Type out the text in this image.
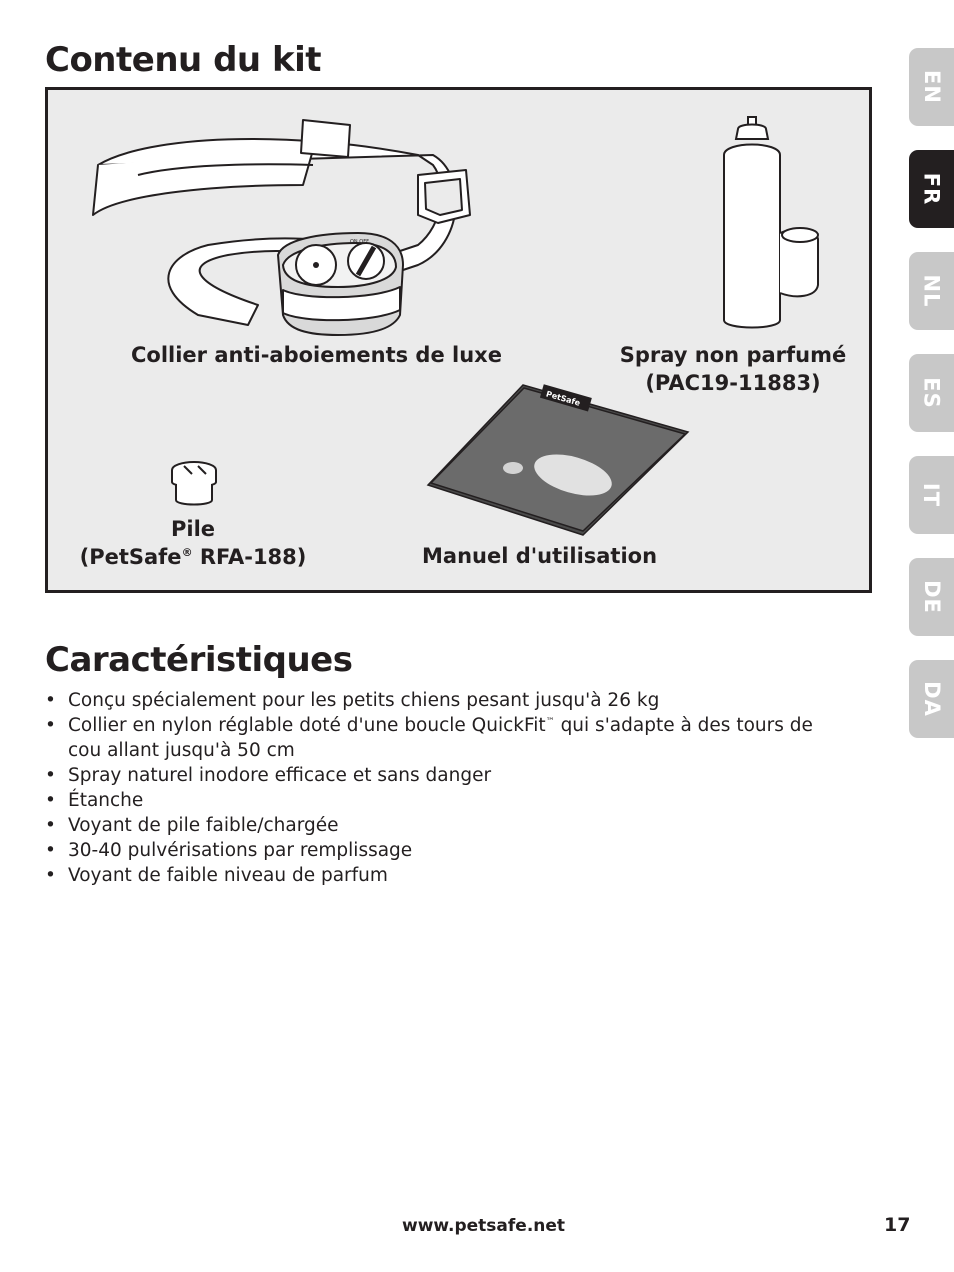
Contenu du kit
ON OFF
Collier anti-aboiements de luxe	Spray non parfumé
(PAC19-11883)
Pile
(PetSafe® RFA-188)
PetSafe
Manuel d'utilisation
Caractéristiques
• Conçu spécialement pour les petits chiens pesant jusqu'à 26 kg
• Collier en nylon réglable doté d'une boucle QuickFit™ qui s'adapte à des tours de cou allant jusqu'à 50 cm
• Spray naturel inodore efficace et sans danger
• Étanche
• Voyant de pile faible/chargée
• 30-40 pulvérisations par remplissage
• Voyant de faible niveau de parfum
EN
FR
NL
ES
IT
DE
DA
www.petsafe.net	17
